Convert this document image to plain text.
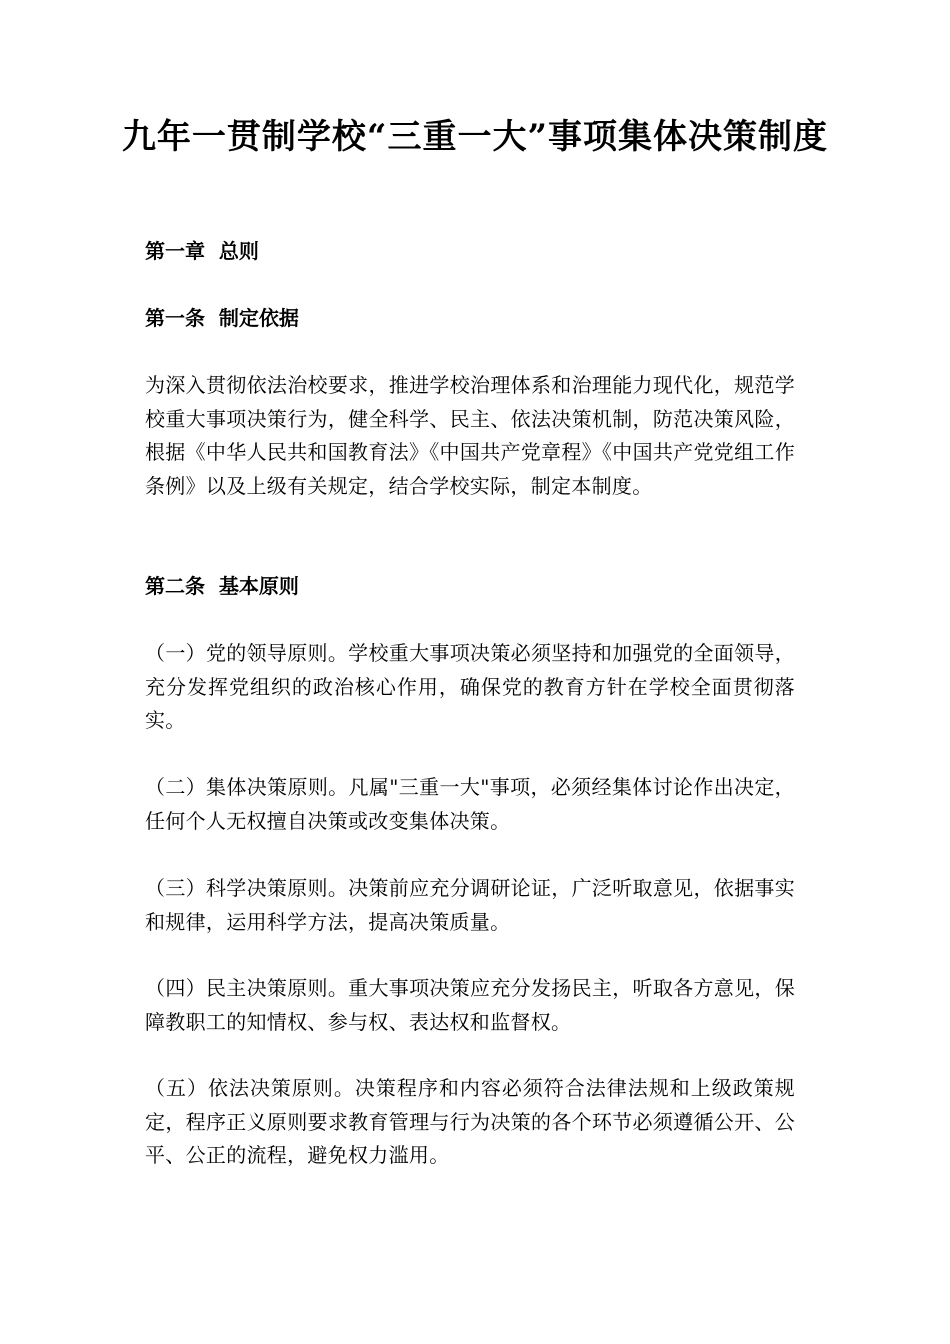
九年一贯制学校“三重一大”事项集体决策制度
第一章  总则
第一条  制定依据
为深入贯彻依法治校要求，推进学校治理体系和治理能力现代化，规范学校重大事项决策行为，健全科学、民主、依法决策机制，防范决策风险，根据《中华人民共和国教育法》《中国共产党章程》《中国共产党党组工作条例》以及上级有关规定，结合学校实际，制定本制度。
第二条  基本原则
（一）党的领导原则。学校重大事项决策必须坚持和加强党的全面领导，充分发挥党组织的政治核心作用，确保党的教育方针在学校全面贯彻落实。
（二）集体决策原则。凡属"三重一大"事项，必须经集体讨论作出决定，任何个人无权擅自决策或改变集体决策。
（三）科学决策原则。决策前应充分调研论证，广泛听取意见，依据事实和规律，运用科学方法，提高决策质量。
（四）民主决策原则。重大事项决策应充分发扬民主，听取各方意见，保障教职工的知情权、参与权、表达权和监督权。
（五）依法决策原则。决策程序和内容必须符合法律法规和上级政策规定，程序正义原则要求教育管理与行为决策的各个环节必须遵循公开、公平、公正的流程，避免权力滥用。
